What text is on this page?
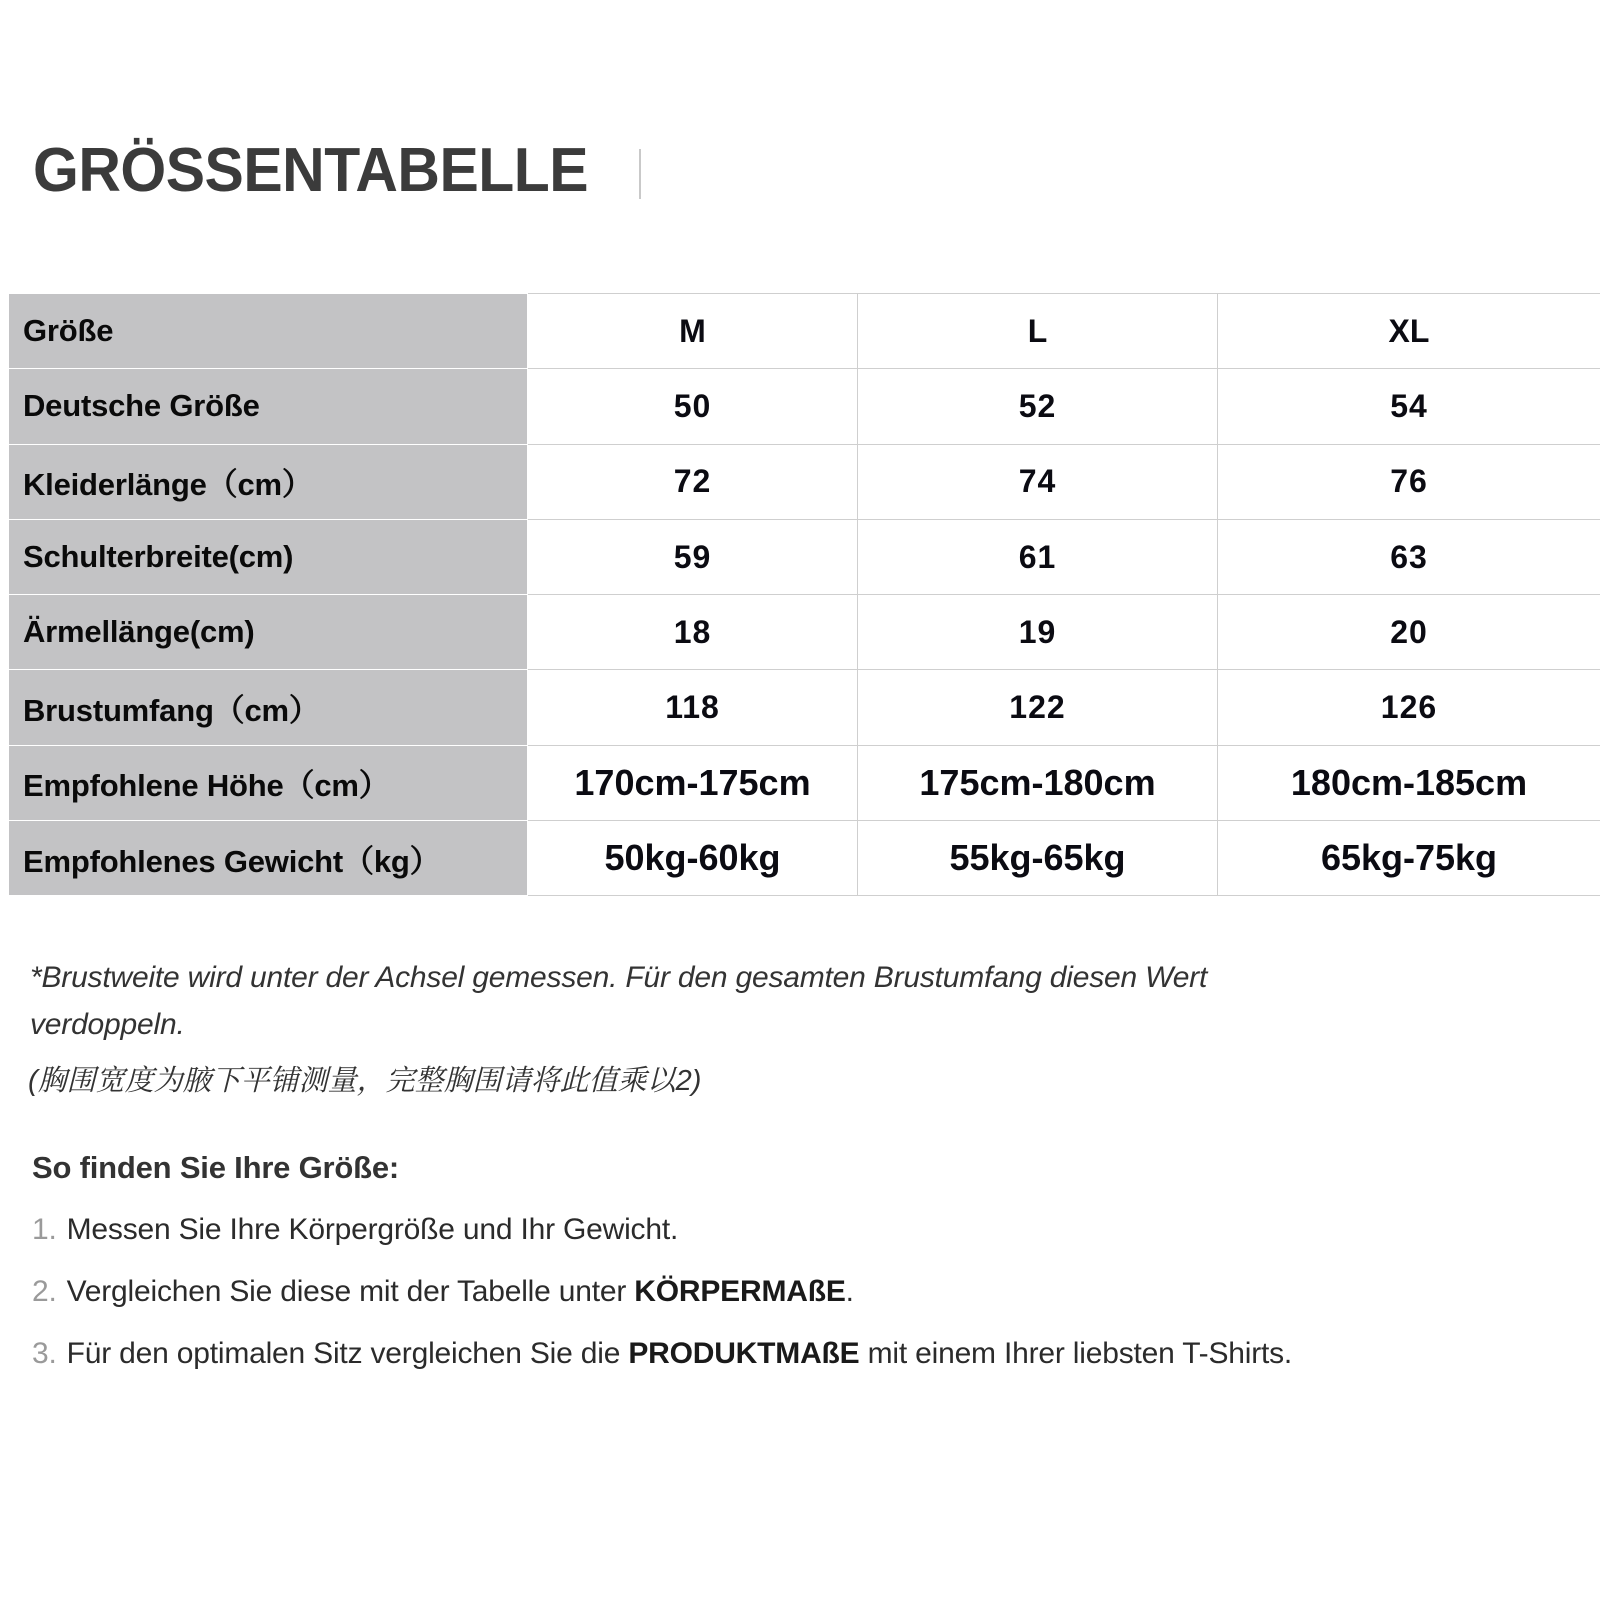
GRÖSSENTABELLE
Größe	M	L	XL
Deutsche Größe	50	52	54
Kleiderlänge（cm）	72	74	76
Schulterbreite(cm)	59	61	63
Ärmellänge(cm)	18	19	20
Brustumfang（cm）	118	122	126
Empfohlene Höhe（cm）	170cm-175cm	175cm-180cm	180cm-185cm
Empfohlenes Gewicht（kg）	50kg-60kg	55kg-65kg	65kg-75kg
*Brustweite wird unter der Achsel gemessen. Für den gesamten Brustumfang diesen Wert verdoppeln.
(胸围宽度为腋下平铺测量，完整胸围请将此值乘以2)
So finden Sie Ihre Größe:
1. Messen Sie Ihre Körpergröße und Ihr Gewicht.
2. Vergleichen Sie diese mit der Tabelle unter KÖRPERMAßE.
3. Für den optimalen Sitz vergleichen Sie die PRODUKTMAßE mit einem Ihrer liebsten T-Shirts.
